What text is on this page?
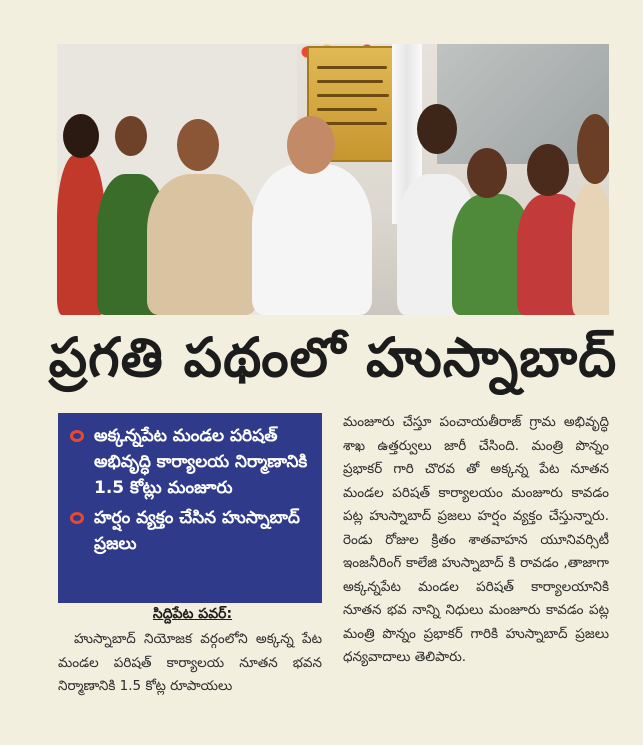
ప్రగతి పథంలో హుస్నాబాద్
అక్కన్నపేట మండల పరిషత్ అభివృద్ధి కార్యాలయ నిర్మాణానికి 1.5 కోట్లు మంజూరు
హర్షం వ్యక్తం చేసిన హుస్నాబాద్ ప్రజలు
సిద్దిపేట పవర్:

హుస్నాబాద్ నియోజక వర్గంలోని అక్కన్న పేట మండల పరిషత్ కార్యాలయ నూతన భవన నిర్మాణానికి 1.5 కోట్ల రూపాయలు

మంజూరు చేస్తూ పంచాయతీరాజ్ గ్రామ అభివృద్ధి శాఖ ఉత్తర్వులు జారీ చేసింది. మంత్రి పొన్నం ప్రభాకర్ గారి చొరవ తో అక్కన్న పేట నూతన మండల పరిషత్ కార్యాలయం మంజూరు కావడం పట్ల హుస్నాబాద్ ప్రజలు హర్షం వ్యక్తం చేస్తున్నారు. రెండు రోజుల క్రితం శాతవాహన యూనివర్సిటీ ఇంజనీరింగ్ కాలేజి హుస్నాబాద్ కి రావడం ,తాజాగా అక్కన్నపేట మండల పరిషత్ కార్యాలయానికి నూతన భవ నాన్ని నిధులు మంజూరు కావడం పట్ల మంత్రి పొన్నం ప్రభాకర్ గారికి హుస్నాబాద్ ప్రజలు ధన్యవాదాలు తెలిపారు.
